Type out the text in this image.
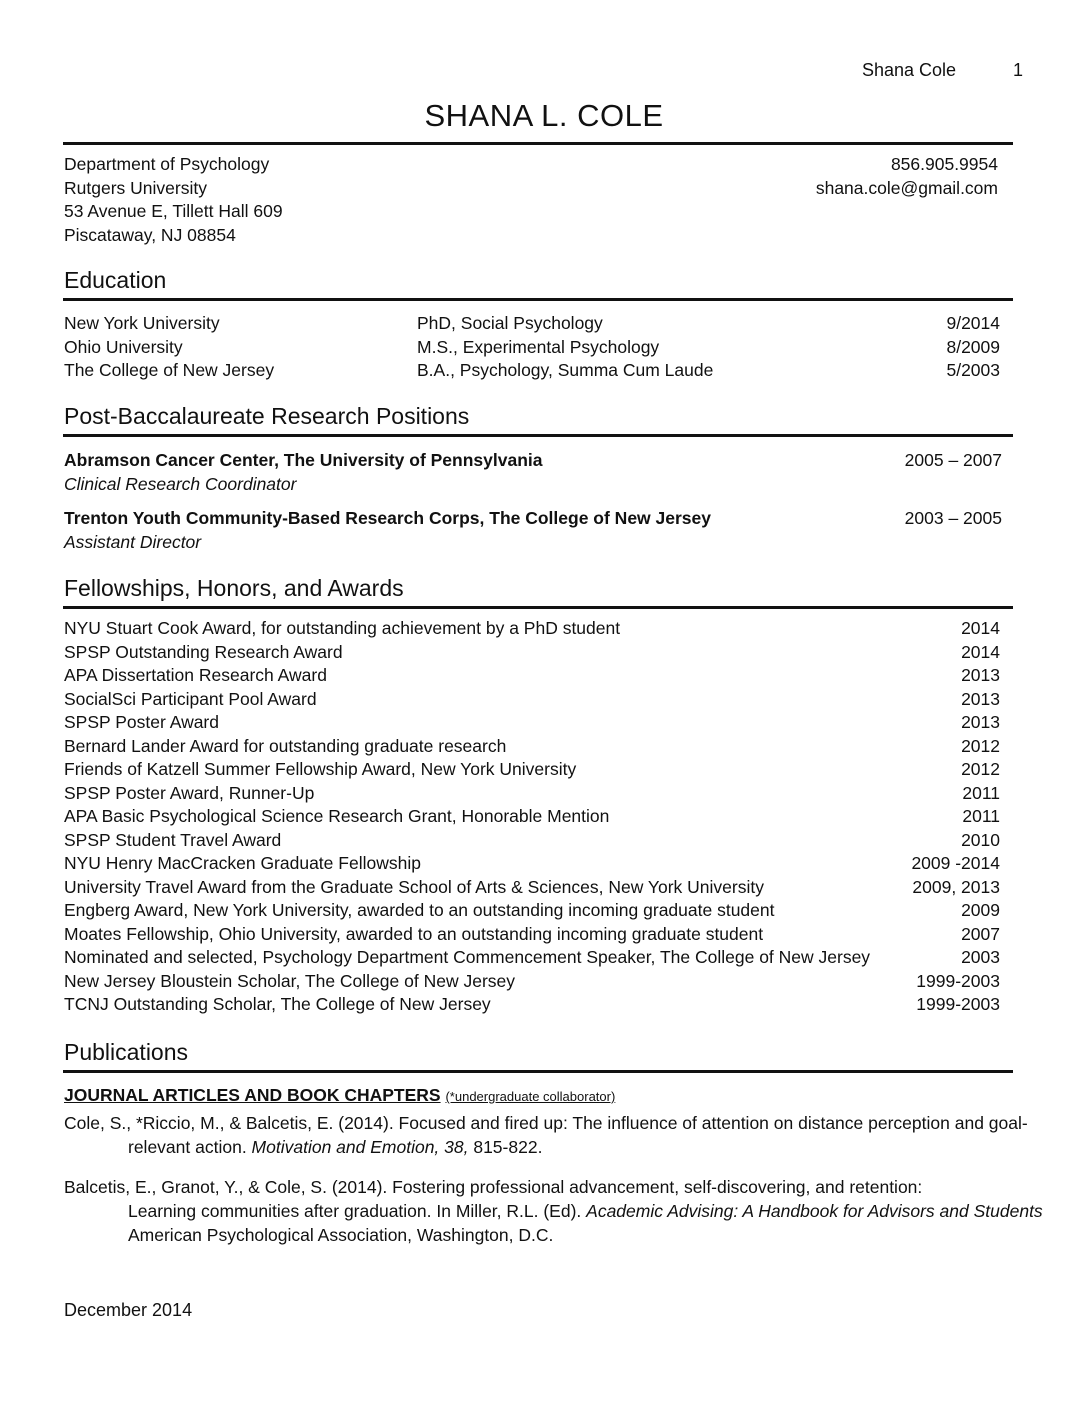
Shana Cole	1
SHANA L. COLE
Department of Psychology
Rutgers University
53 Avenue E, Tillett Hall 609
Piscataway, NJ 08854
856.905.9954
shana.cole@gmail.com
Education
New York University	PhD, Social Psychology	9/2014
Ohio University	M.S., Experimental Psychology	8/2009
The College of New Jersey	B.A., Psychology, Summa Cum Laude	5/2003
Post-Baccalaureate Research Positions
Abramson Cancer Center, The University of Pennsylvania	2005 – 2007
Clinical Research Coordinator
Trenton Youth Community-Based Research Corps, The College of New Jersey	2003 – 2005
Assistant Director
Fellowships, Honors, and Awards
NYU Stuart Cook Award, for outstanding achievement by a PhD student	2014
SPSP Outstanding Research Award	2014
APA Dissertation Research Award	2013
SocialSci Participant Pool Award	2013
SPSP Poster Award	2013
Bernard Lander Award for outstanding graduate research	2012
Friends of Katzell Summer Fellowship Award, New York University	2012
SPSP Poster Award, Runner-Up	2011
APA Basic Psychological Science Research Grant, Honorable Mention	2011
SPSP Student Travel Award	2010
NYU Henry MacCracken Graduate Fellowship	2009 -2014
University Travel Award from the Graduate School of Arts & Sciences, New York University	2009, 2013
Engberg Award, New York University, awarded to an outstanding incoming graduate student	2009
Moates Fellowship, Ohio University, awarded to an outstanding incoming graduate student	2007
Nominated and selected, Psychology Department Commencement Speaker, The College of New Jersey	2003
New Jersey Bloustein Scholar, The College of New Jersey	1999-2003
TCNJ Outstanding Scholar, The College of New Jersey	1999-2003
Publications
JOURNAL ARTICLES AND BOOK CHAPTERS (*undergraduate collaborator)
Cole, S., *Riccio, M., & Balcetis, E. (2014). Focused and fired up: The influence of attention on distance perception and goal-
relevant action. Motivation and Emotion, 38, 815-822.
Balcetis, E., Granot, Y., & Cole, S. (2014). Fostering professional advancement, self-discovering, and retention:
Learning communities after graduation. In Miller, R.L. (Ed). Academic Advising: A Handbook for Advisors and Students
American Psychological Association, Washington, D.C.
December 2014
